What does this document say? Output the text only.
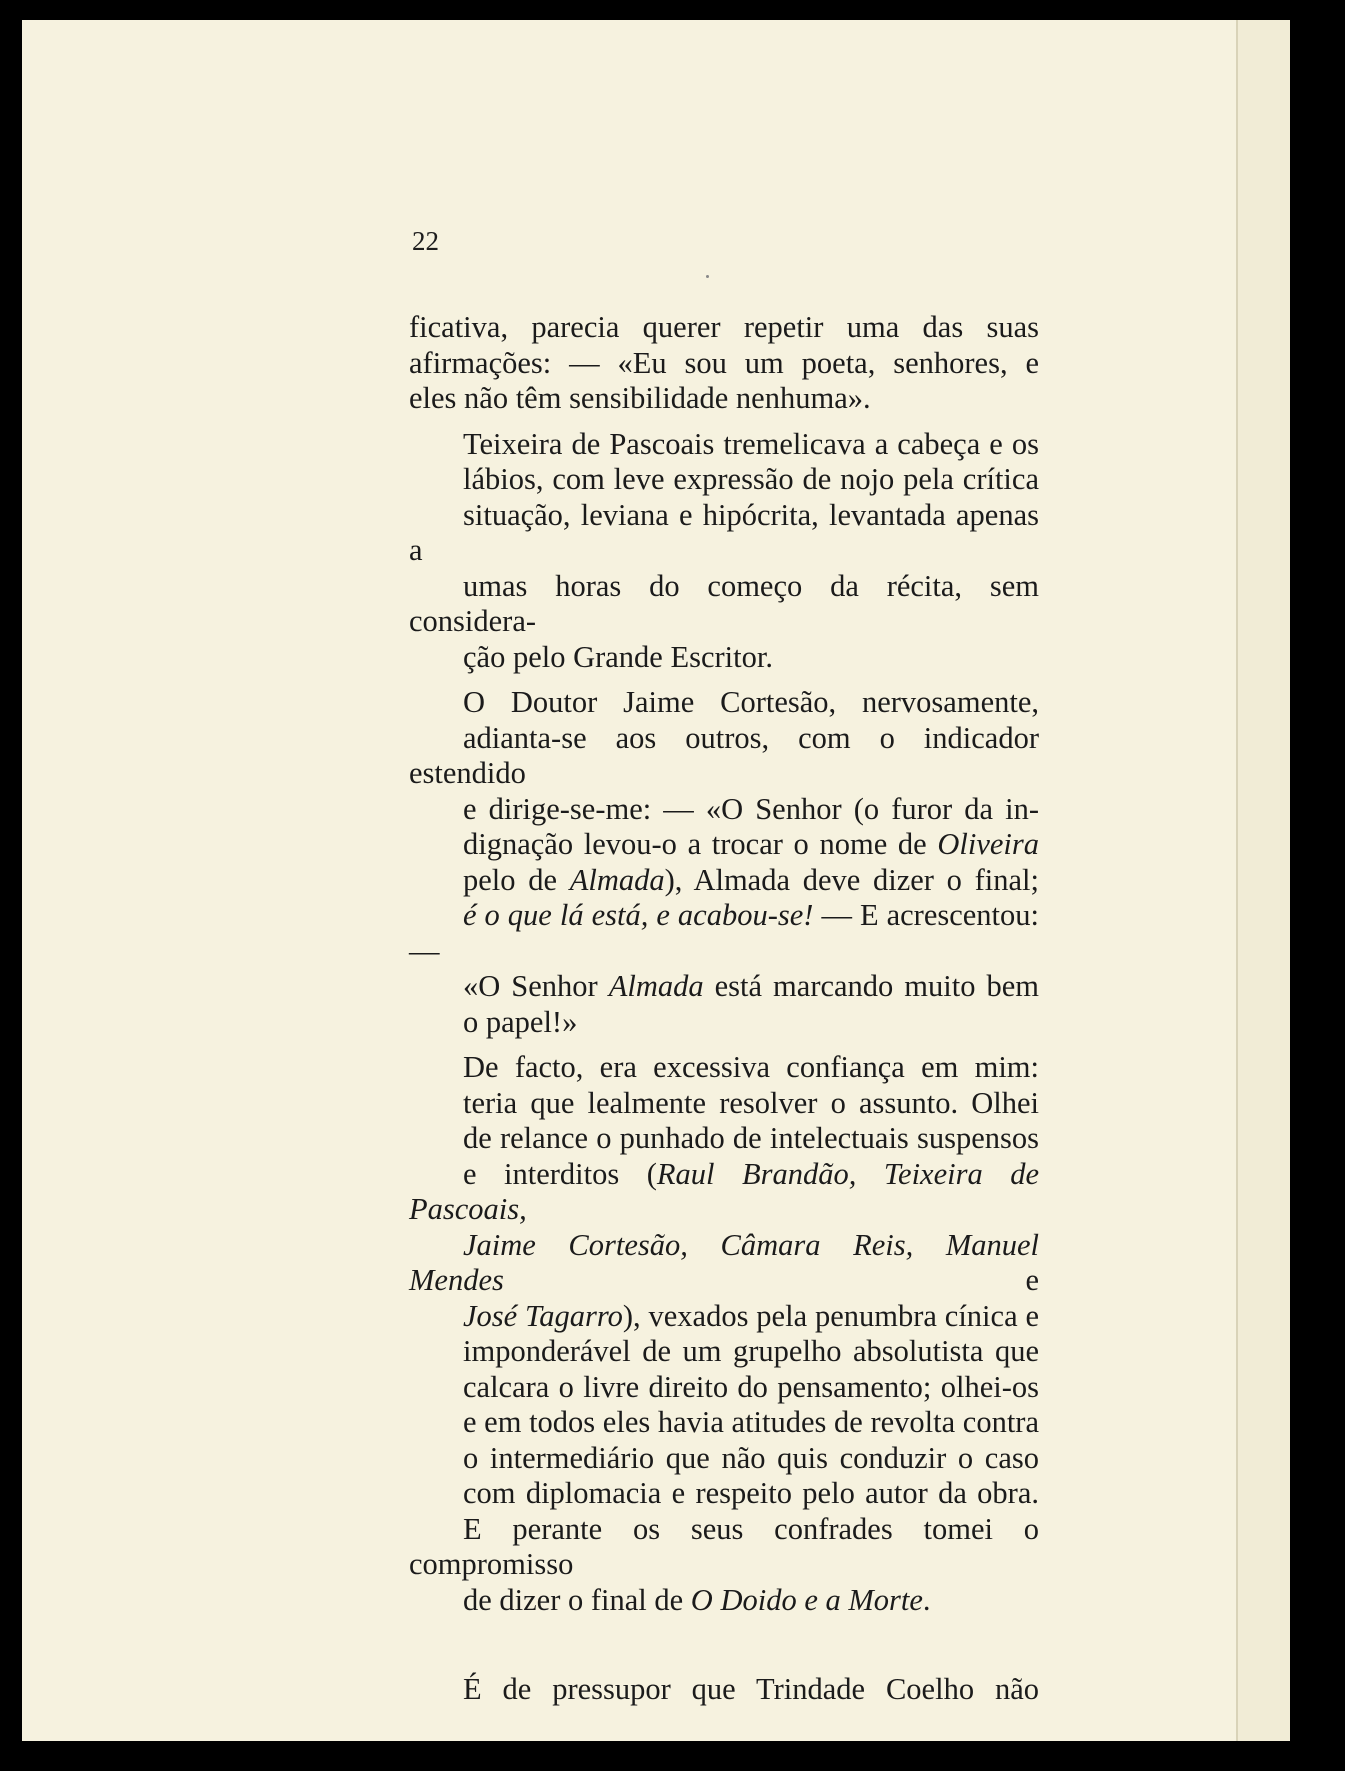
22

ficativa, parecia querer repetir uma das suas
afirmações: — «Eu sou um poeta, senhores, e
eles não têm sensibilidade nenhuma».

Teixeira de Pascoais tremelicava a cabeça e os
lábios, com leve expressão de nojo pela crítica
situação, leviana e hipócrita, levantada apenas a
umas horas do começo da récita, sem considera-
ção pelo Grande Escritor.

O Doutor Jaime Cortesão, nervosamente,
adianta-se aos outros, com o indicador estendido
e dirige-se-me: — «O Senhor (o furor da in-
dignação levou-o a trocar o nome de Oliveira
pelo de Almada), Almada deve dizer o final;
é o que lá está, e acabou-se! — E acrescentou: —
«O Senhor Almada está marcando muito bem
o papel!»

De facto, era excessiva confiança em mim:
teria que lealmente resolver o assunto. Olhei
de relance o punhado de intelectuais suspensos
e interditos (Raul Brandão, Teixeira de Pascoais,
Jaime Cortesão, Câmara Reis, Manuel Mendes	e
José Tagarro), vexados pela penumbra cínica e
imponderável de um grupelho absolutista que
calcara o livre direito do pensamento; olhei-os
e em todos eles havia atitudes de revolta contra
o intermediário que não quis conduzir o caso
com diplomacia e respeito pelo autor da obra.
E perante os seus confrades tomei o compromisso
de dizer o final de O Doido e a Morte.

É de pressupor que Trindade Coelho não
